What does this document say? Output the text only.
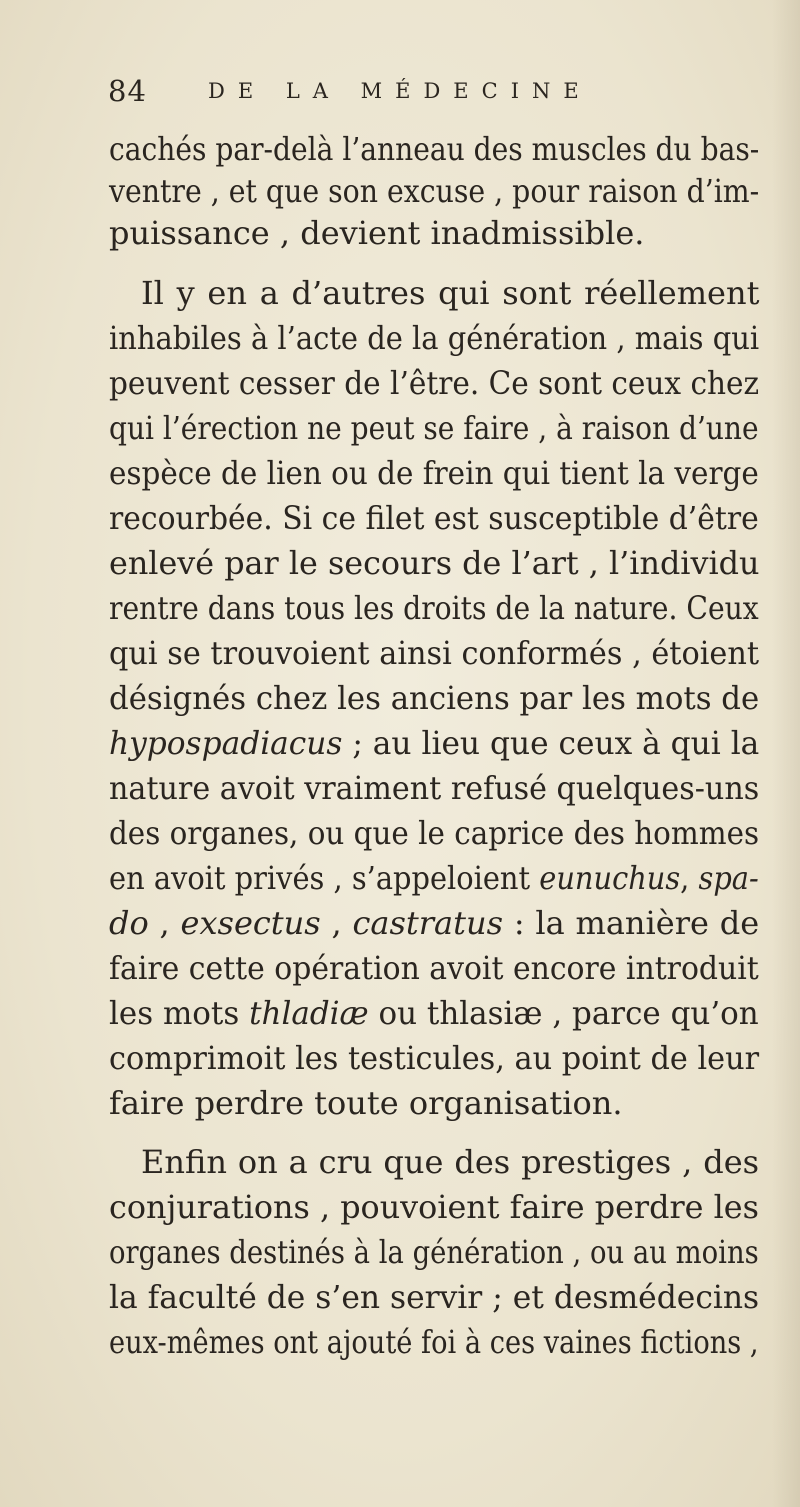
84	DE LA MÉDECINE
cachés par-delà l’anneau des muscles du bas-
ventre , et que son excuse , pour raison d’im-
puissance , devient inadmissible.
Il y en a d’autres qui sont réellement
inhabiles à l’acte de la génération , mais qui
peuvent cesser de l’être. Ce sont ceux chez
qui l’érection ne peut se faire , à raison d’une
espèce de lien ou de frein qui tient la verge
recourbée. Si ce filet est susceptible d’être
enlevé par le secours de l’art , l’individu
rentre dans tous les droits de la nature. Ceux
qui se trouvoient ainsi conformés , étoient
désignés chez les anciens par les mots de
hypospadiacus ; au lieu que ceux à qui la
nature avoit vraiment refusé quelques-uns
des organes, ou que le caprice des hommes
en avoit privés , s’appeloient eunuchus, spa-
do , exsectus , castratus : la manière de
faire cette opération avoit encore introduit
les mots thladiæ ou thlasiæ , parce qu’on
comprimoit les testicules, au point de leur
faire perdre toute organisation.
Enfin on a cru que des prestiges , des
conjurations , pouvoient faire perdre les
organes destinés à la génération , ou au moins
la faculté de s’en servir ; et desmédecins
eux-mêmes ont ajouté foi à ces vaines fictions ,
